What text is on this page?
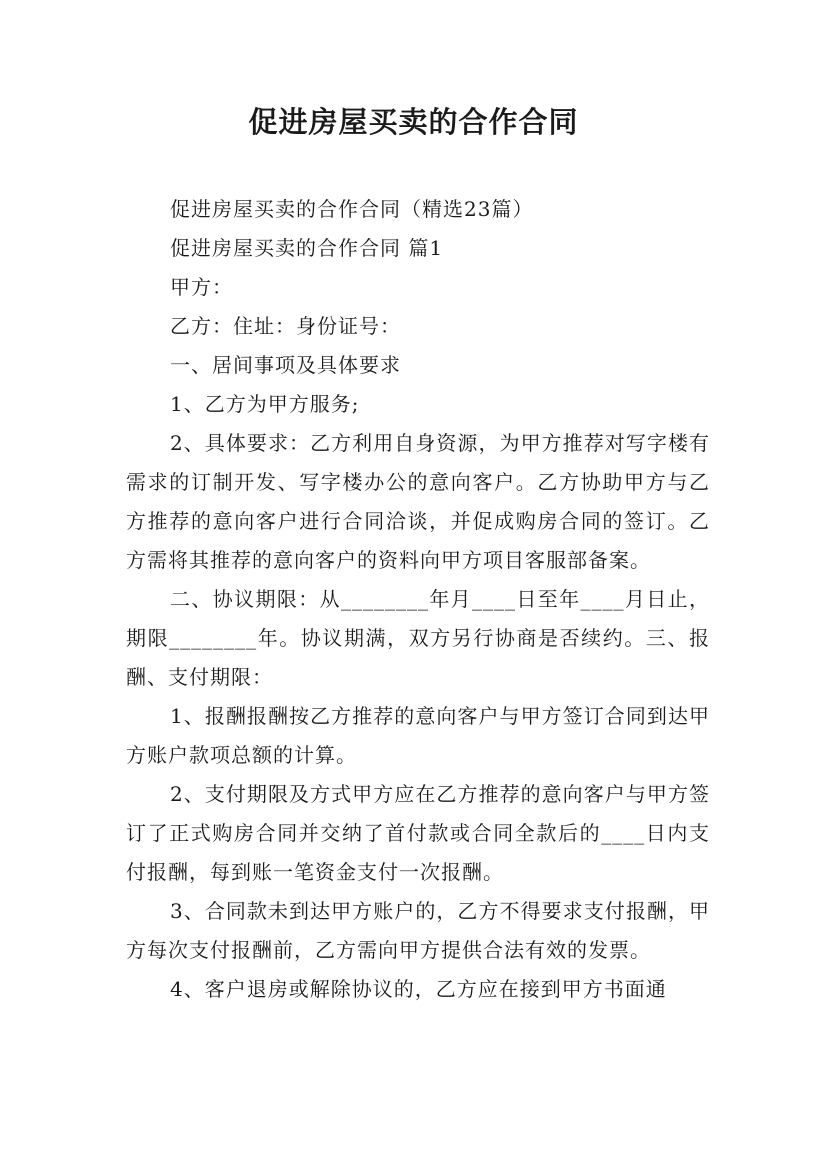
促进房屋买卖的合作合同

促进房屋买卖的合作合同（精选23篇）

促进房屋买卖的合作合同 篇1

甲方：

乙方：住址：身份证号：

一、居间事项及具体要求

1、乙方为甲方服务;

2、具体要求：乙方利用自身资源，为甲方推荐对写字楼有需求的订制开发、写字楼办公的意向客户。乙方协助甲方与乙方推荐的意向客户进行合同洽谈，并促成购房合同的签订。乙方需将其推荐的意向客户的资料向甲方项目客服部备案。

二、协议期限：从________年月____日至年____月日止，期限________年。协议期满，双方另行协商是否续约。三、报酬、支付期限：

1、报酬报酬按乙方推荐的意向客户与甲方签订合同到达甲方账户款项总额的计算。

2、支付期限及方式甲方应在乙方推荐的意向客户与甲方签订了正式购房合同并交纳了首付款或合同全款后的____日内支付报酬，每到账一笔资金支付一次报酬。

3、合同款未到达甲方账户的，乙方不得要求支付报酬，甲方每次支付报酬前，乙方需向甲方提供合法有效的发票。

4、客户退房或解除协议的，乙方应在接到甲方书面通
